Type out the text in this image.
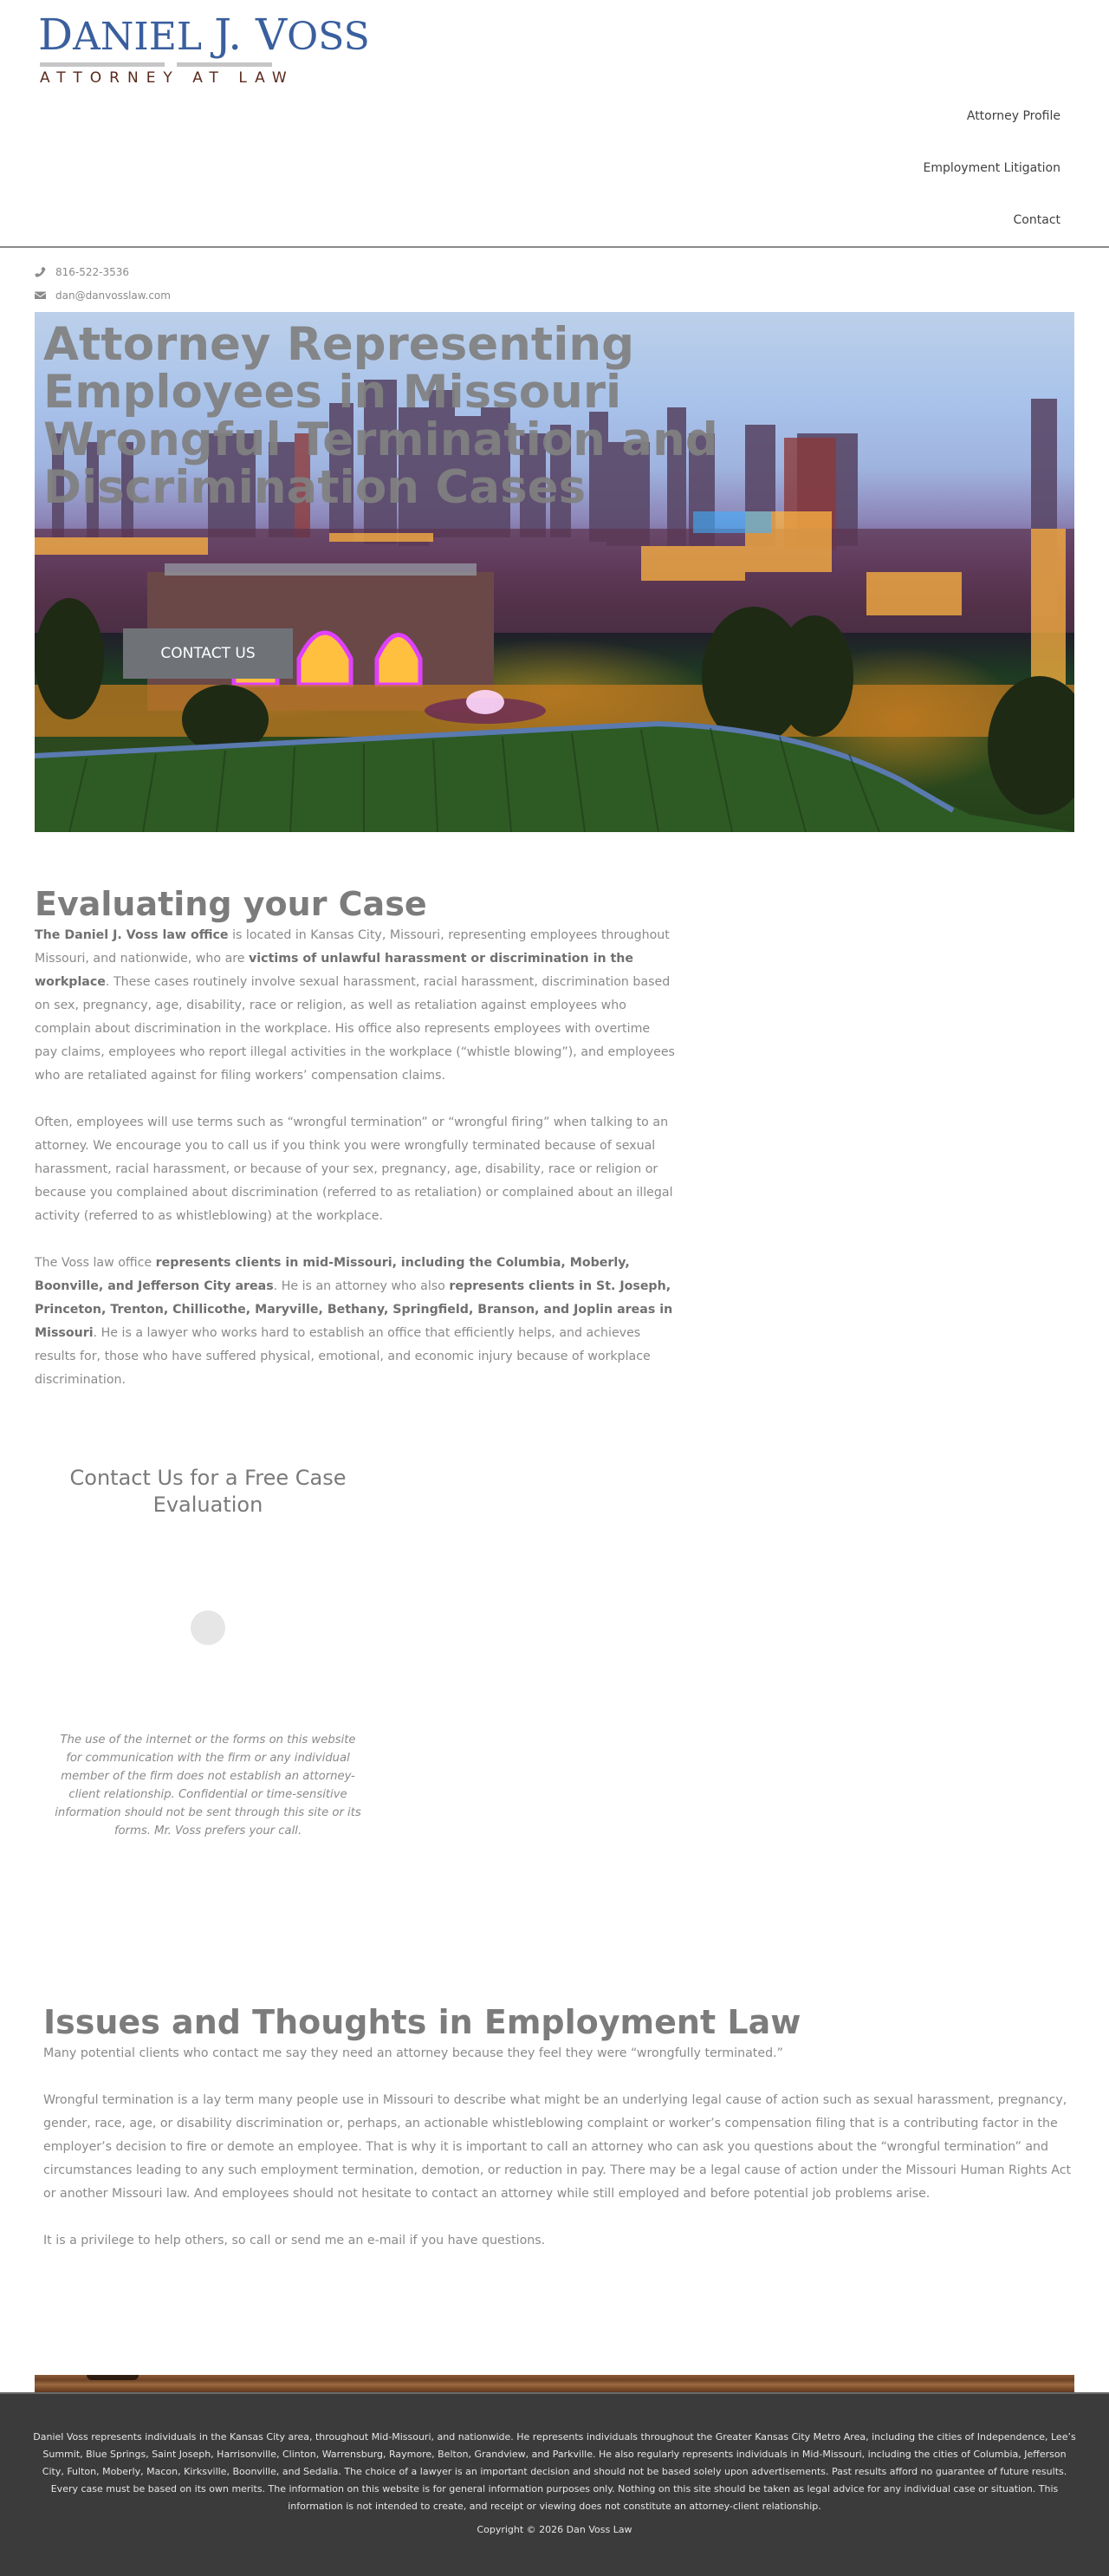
DANIEL J. VOSS
ATTORNEY AT LAW
Attorney Profile
Employment Litigation
Contact
816-522-3536
dan@danvosslaw.com
Attorney Representing Employees in Missouri Wrongful Termination and Discrimination Cases
CONTACT US
Evaluating your Case

The Daniel J. Voss law office is located in Kansas City, Missouri, representing employees throughout Missouri, and nationwide, who are victims of unlawful harassment or discrimination in the workplace. These cases routinely involve sexual harassment, racial harassment, discrimination based on sex, pregnancy, age, disability, race or religion, as well as retaliation against employees who complain about discrimination in the workplace. His office also represents employees with overtime pay claims, employees who report illegal activities in the workplace (“whistle blowing”), and employees who are retaliated against for filing workers’ compensation claims.

Often, employees will use terms such as “wrongful termination” or “wrongful firing” when talking to an attorney. We encourage you to call us if you think you were wrongfully terminated because of sexual harassment, racial harassment, or because of your sex, pregnancy, age, disability, race or religion or because you complained about discrimination (referred to as retaliation) or complained about an illegal activity (referred to as whistleblowing) at the workplace.

The Voss law office represents clients in mid-Missouri, including the Columbia, Moberly, Boonville, and Jefferson City areas. He is an attorney who also represents clients in St. Joseph, Princeton, Trenton, Chillicothe, Maryville, Bethany, Springfield, Branson, and Joplin areas in Missouri. He is a lawyer who works hard to establish an office that efficiently helps, and achieves results for, those who have suffered physical, emotional, and economic injury because of workplace discrimination.

Contact Us for a Free Case Evaluation

The use of the internet or the forms on this website for communication with the firm or any individual member of the firm does not establish an attorney-client relationship. Confidential or time-sensitive information should not be sent through this site or its forms. Mr. Voss prefers your call.

Issues and Thoughts in Employment Law

Many potential clients who contact me say they need an attorney because they feel they were “wrongfully terminated.”

Wrongful termination is a lay term many people use in Missouri to describe what might be an underlying legal cause of action such as sexual harassment, pregnancy, gender, race, age, or disability discrimination or, perhaps, an actionable whistleblowing complaint or worker’s compensation filing that is a contributing factor in the employer’s decision to fire or demote an employee. That is why it is important to call an attorney who can ask you questions about the “wrongful termination” and circumstances leading to any such employment termination, demotion, or reduction in pay. There may be a legal cause of action under the Missouri Human Rights Act or another Missouri law. And employees should not hesitate to contact an attorney while still employed and before potential job problems arise.

It is a privilege to help others, so call or send me an e-mail if you have questions.

Daniel Voss represents individuals in the Kansas City area, throughout Mid-Missouri, and nationwide. He represents individuals throughout the Greater Kansas City Metro Area, including the cities of Independence, Lee’s Summit, Blue Springs, Saint Joseph, Harrisonville, Clinton, Warrensburg, Raymore, Belton, Grandview, and Parkville. He also regularly represents individuals in Mid-Missouri, including the cities of Columbia, Jefferson City, Fulton, Moberly, Macon, Kirksville, Boonville, and Sedalia. The choice of a lawyer is an important decision and should not be based solely upon advertisements. Past results afford no guarantee of future results. Every case must be based on its own merits. The information on this website is for general information purposes only. Nothing on this site should be taken as legal advice for any individual case or situation. This information is not intended to create, and receipt or viewing does not constitute an attorney-client relationship.

Copyright © 2026 Dan Voss Law
